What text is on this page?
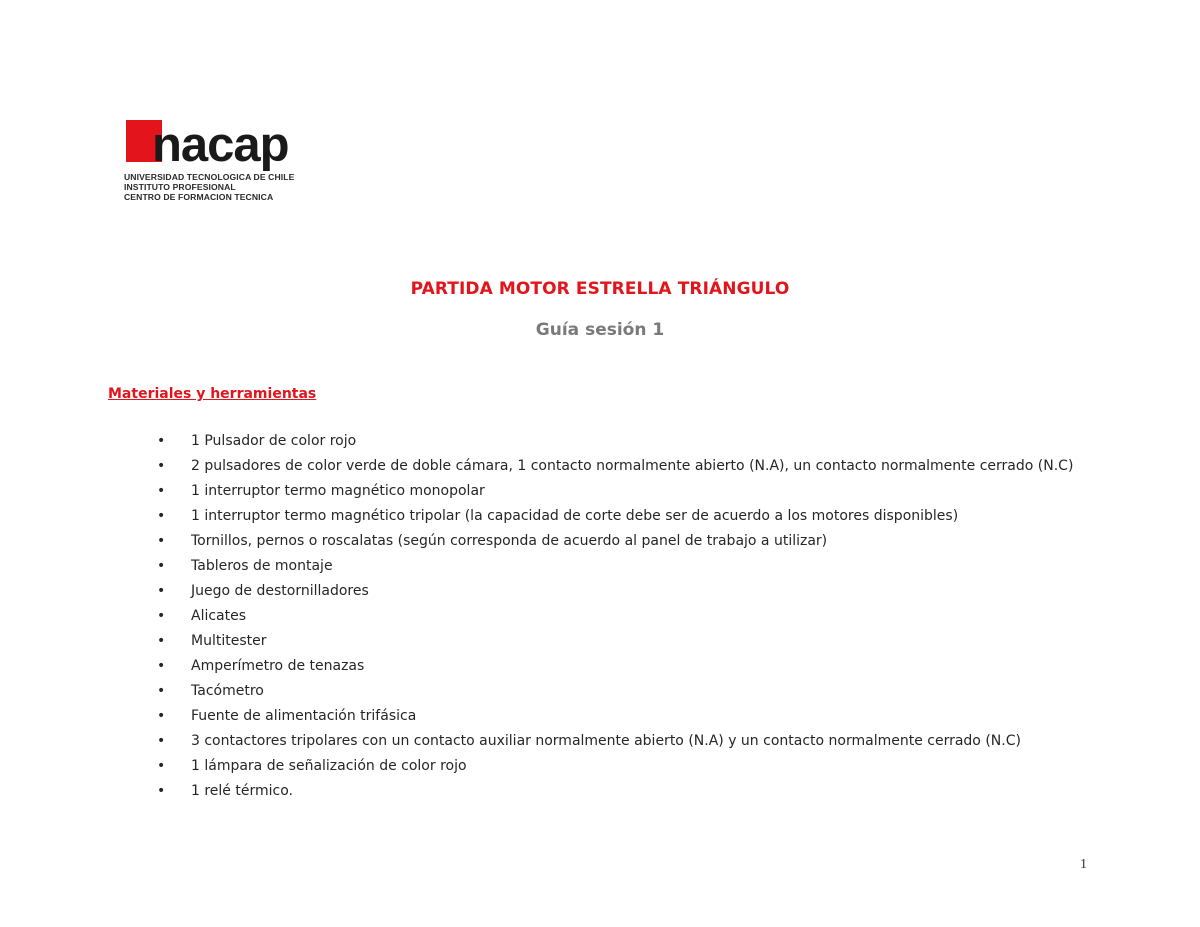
nacap
UNIVERSIDAD TECNOLOGICA DE CHILE
INSTITUTO PROFESIONAL
CENTRO DE FORMACION TECNICA
PARTIDA MOTOR ESTRELLA TRIÁNGULO
Guía sesión 1
Materiales y herramientas
• 1 Pulsador de color rojo
• 2 pulsadores de color verde de doble cámara, 1 contacto normalmente abierto (N.A), un contacto normalmente cerrado (N.C)
• 1 interruptor termo magnético monopolar
• 1 interruptor termo magnético tripolar (la capacidad de corte debe ser de acuerdo a los motores disponibles)
• Tornillos, pernos o roscalatas (según corresponda de acuerdo al panel de trabajo a utilizar)
• Tableros de montaje
• Juego de destornilladores
• Alicates
• Multitester
• Amperímetro de tenazas
• Tacómetro
• Fuente de alimentación trifásica
• 3 contactores tripolares con un contacto auxiliar normalmente abierto (N.A) y un contacto normalmente cerrado (N.C)
• 1 lámpara de señalización de color rojo
• 1 relé térmico.
1
